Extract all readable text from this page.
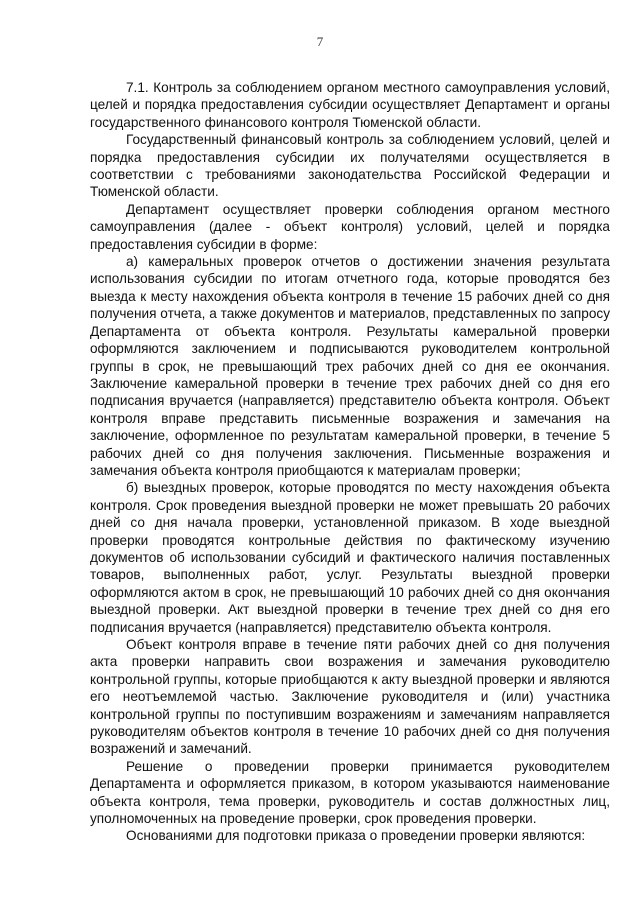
7

7.1. Контроль за соблюдением органом местного самоуправления условий, целей и порядка предоставления субсидии осуществляет Департамент и органы государственного финансового контроля Тюменской области.

Государственный финансовый контроль за соблюдением условий, целей и порядка предоставления субсидии их получателями осуществляется в соответствии с требованиями законодательства Российской Федерации и Тюменской области.

Департамент осуществляет проверки соблюдения органом местного самоуправления (далее - объект контроля) условий, целей и порядка предоставления субсидии в форме:

а) камеральных проверок отчетов о достижении значения результата использования субсидии по итогам отчетного года, которые проводятся без выезда к месту нахождения объекта контроля в течение 15 рабочих дней со дня получения отчета, а также документов и материалов, представленных по запросу Департамента от объекта контроля. Результаты камеральной проверки оформляются заключением и подписываются руководителем контрольной группы в срок, не превышающий трех рабочих дней со дня ее окончания. Заключение камеральной проверки в течение трех рабочих дней со дня его подписания вручается (направляется) представителю объекта контроля. Объект контроля вправе представить письменные возражения и замечания на заключение, оформленное по результатам камеральной проверки, в течение 5 рабочих дней со дня получения заключения. Письменные возражения и замечания объекта контроля приобщаются к материалам проверки;

б) выездных проверок, которые проводятся по месту нахождения объекта контроля. Срок проведения выездной проверки не может превышать 20 рабочих дней со дня начала проверки, установленной приказом. В ходе выездной проверки проводятся контрольные действия по фактическому изучению документов об использовании субсидий и фактического наличия поставленных товаров, выполненных работ, услуг. Результаты выездной проверки оформляются актом в срок, не превышающий 10 рабочих дней со дня окончания выездной проверки. Акт выездной проверки в течение трех дней со дня его подписания вручается (направляется) представителю объекта контроля.

Объект контроля вправе в течение пяти рабочих дней со дня получения акта проверки направить свои возражения и замечания руководителю контрольной группы, которые приобщаются к акту выездной проверки и являются его неотъемлемой частью. Заключение руководителя и (или) участника контрольной группы по поступившим возражениям и замечаниям направляется руководителям объектов контроля в течение 10 рабочих дней со дня получения возражений и замечаний.

Решение о проведении проверки принимается руководителем Департамента и оформляется приказом, в котором указываются наименование объекта контроля, тема проверки, руководитель и состав должностных лиц, уполномоченных на проведение проверки, срок проведения проверки.

Основаниями для подготовки приказа о проведении проверки являются:
